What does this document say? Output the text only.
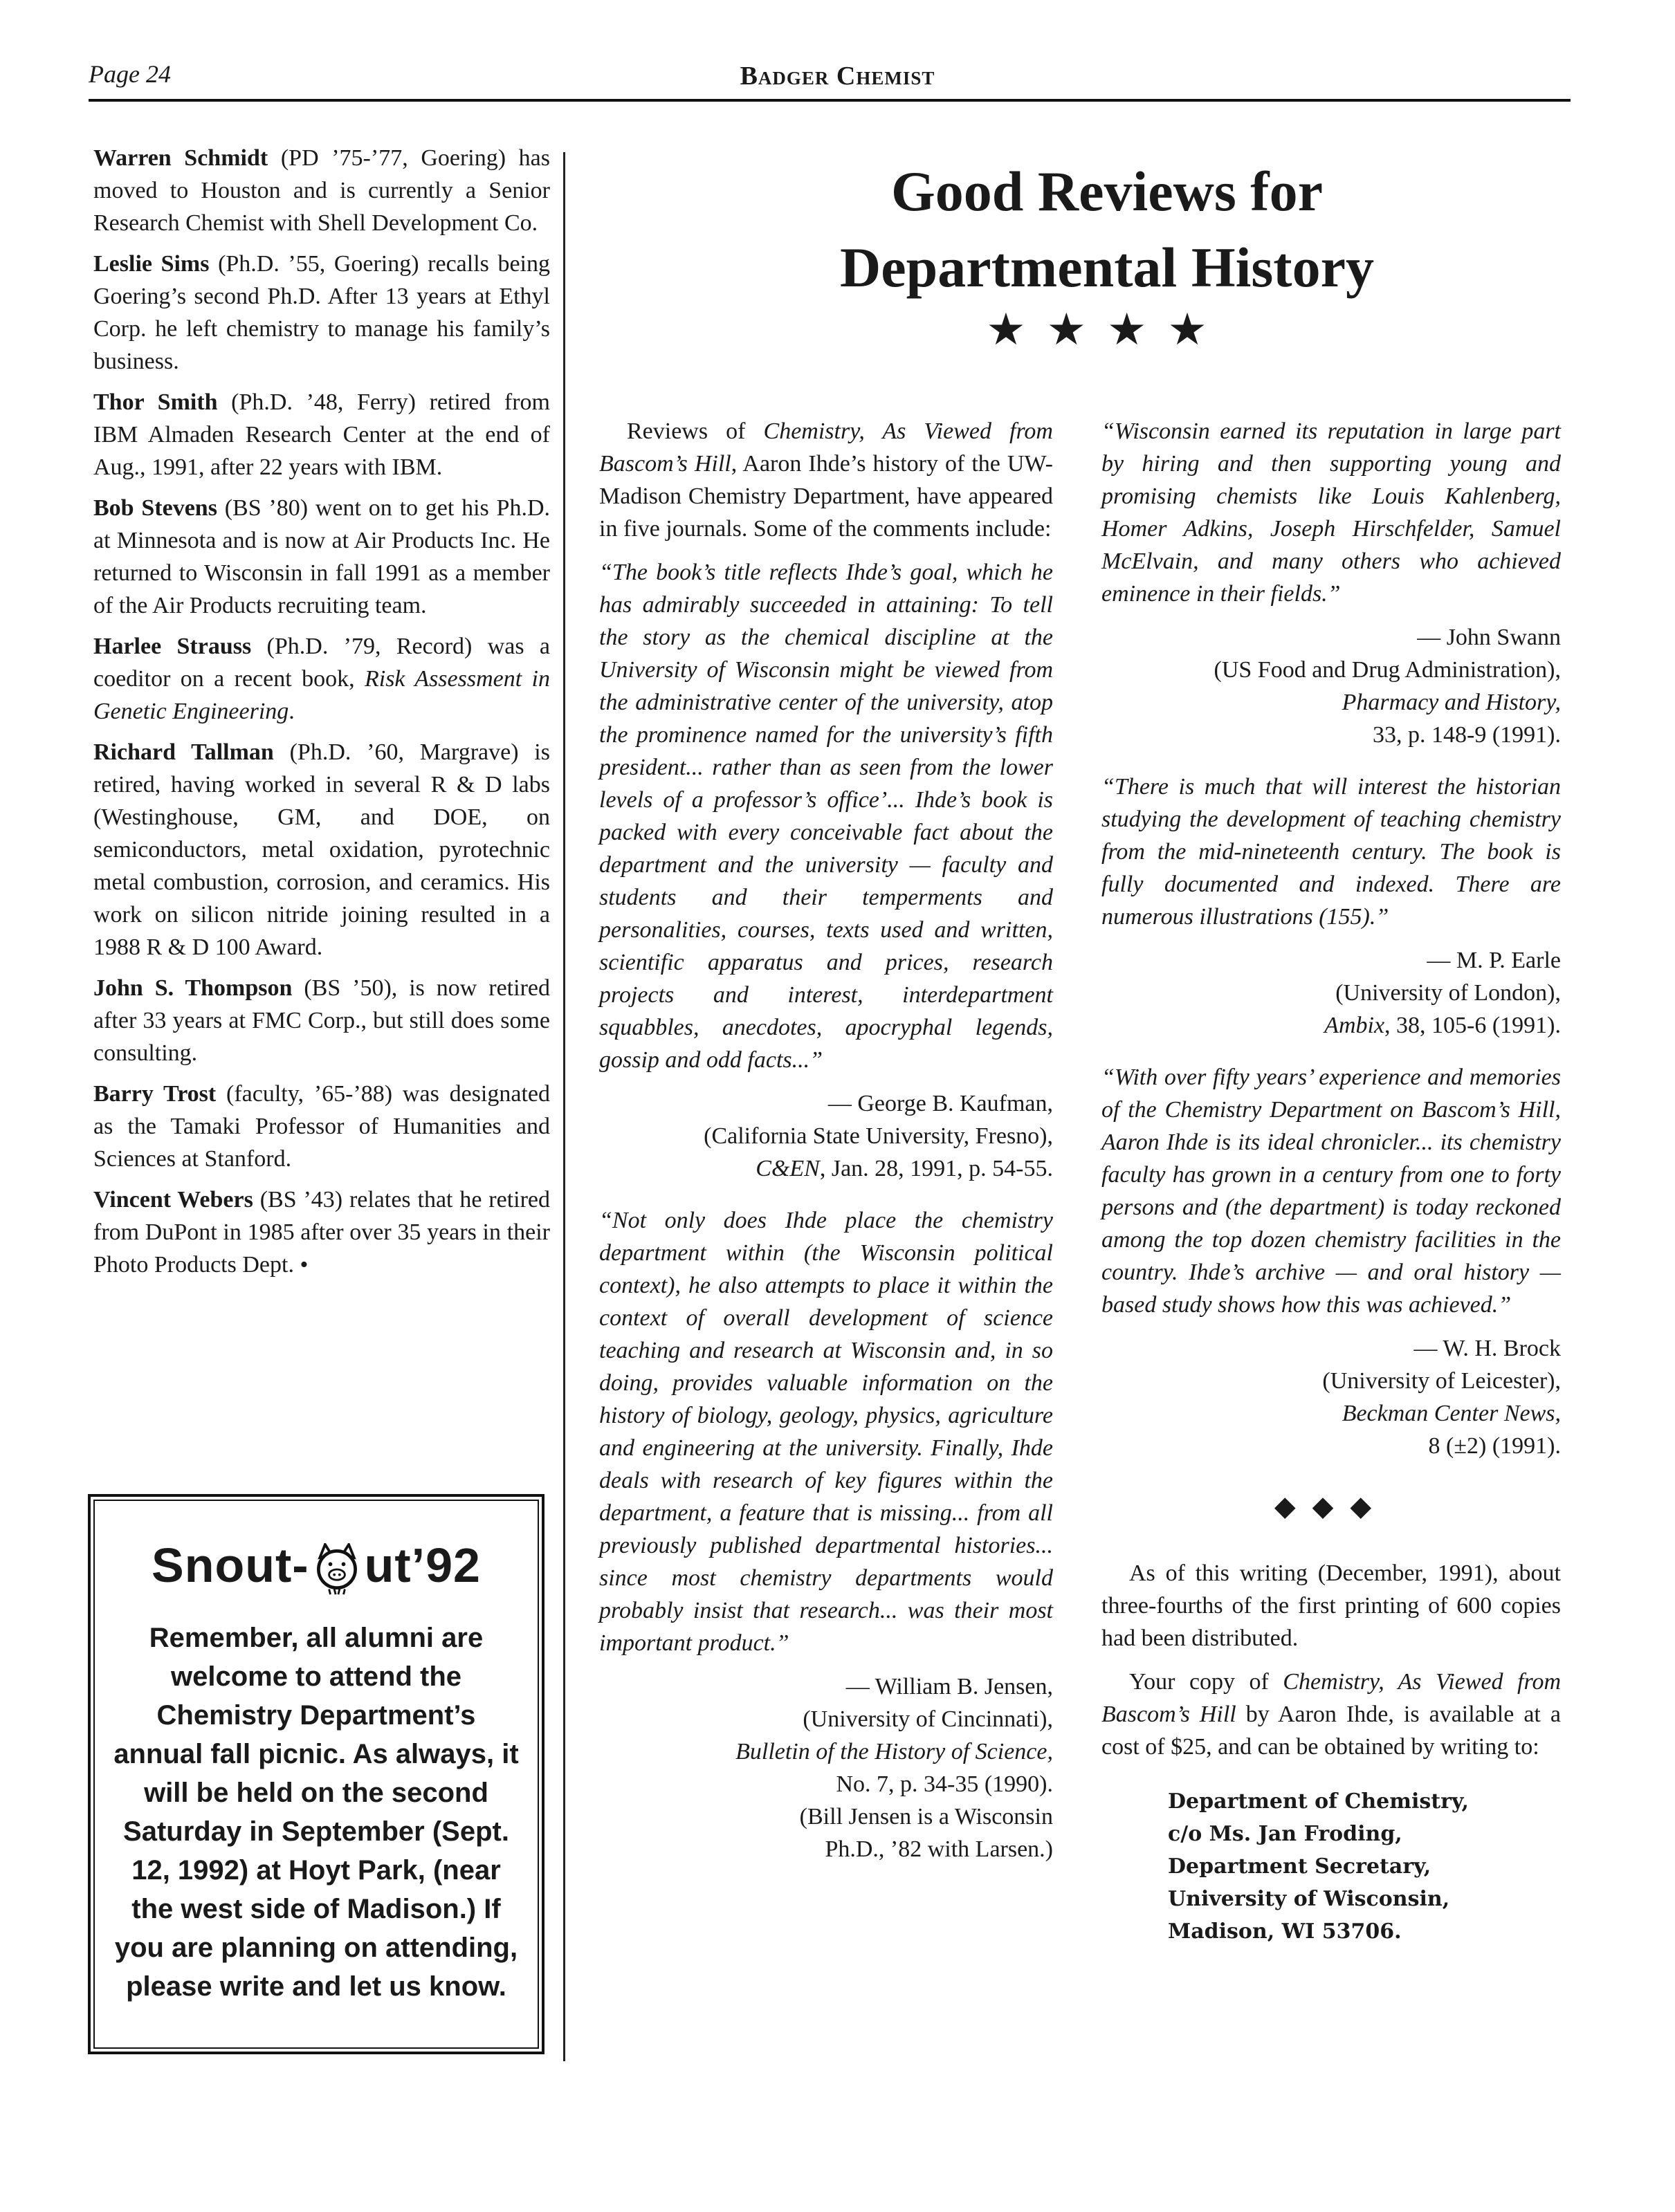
Page 24	Badger Chemist

Warren Schmidt (PD ’75-’77, Goering) has moved to Houston and is currently a Senior Research Chemist with Shell Development Co.

Leslie Sims (Ph.D. ’55, Goering) recalls being Goering’s second Ph.D. After 13 years at Ethyl Corp. he left chemistry to manage his family’s business.

Thor Smith (Ph.D. ’48, Ferry) retired from IBM Almaden Research Center at the end of Aug., 1991, after 22 years with IBM.

Bob Stevens (BS ’80) went on to get his Ph.D. at Minnesota and is now at Air Products Inc. He returned to Wisconsin in fall 1991 as a member of the Air Products recruiting team.

Harlee Strauss (Ph.D. ’79, Record) was a coeditor on a recent book, Risk Assessment in Genetic Engineering.

Richard Tallman (Ph.D. ’60, Margrave) is retired, having worked in several R & D labs (Westinghouse, GM, and DOE, on semiconductors, metal oxidation, pyrotechnic metal combustion, corrosion, and ceramics. His work on silicon nitride joining resulted in a 1988 R & D 100 Award.

John S. Thompson (BS ’50), is now retired after 33 years at FMC Corp., but still does some consulting.

Barry Trost (faculty, ’65-’88) was designated as the Tamaki Professor of Humanities and Sciences at Stanford.

Vincent Webers (BS ’43) relates that he retired from DuPont in 1985 after over 35 years in their Photo Products Dept. •

Snout- ut’92
Remember, all alumni are welcome to attend the Chemistry Department’s annual fall picnic. As always, it will be held on the second Saturday in September (Sept. 12, 1992) at Hoyt Park, (near the west side of Madison.) If you are planning on attending, please write and let us know.
Good Reviews for
Departmental History
★★★★

Reviews of Chemistry, As Viewed from Bascom’s Hill, Aaron Ihde’s history of the UW-Madison Chemistry Department, have appeared in five journals. Some of the comments include:

“The book’s title reflects Ihde’s goal, which he has admirably succeeded in attaining: To tell the story as the chemical discipline at the University of Wisconsin might be viewed from the administrative center of the university, atop the prominence named for the university’s fifth president... rather than as seen from the lower levels of a professor’s office’... Ihde’s book is packed with every conceivable fact about the department and the university — faculty and students and their temperments and personalities, courses, texts used and written, scientific apparatus and prices, research projects and interest, interdepartment squabbles, anecdotes, apocryphal legends, gossip and odd facts...”

— George B. Kaufman,
(California State University, Fresno),
C&EN, Jan. 28, 1991, p. 54-55.

“Not only does Ihde place the chemistry department within (the Wisconsin political context), he also attempts to place it within the context of overall development of science teaching and research at Wisconsin and, in so doing, provides valuable information on the history of biology, geology, physics, agriculture and engineering at the university. Finally, Ihde deals with research of key figures within the department, a feature that is missing... from all previously published departmental histories... since most chemistry departments would probably insist that research... was their most important product.”

— William B. Jensen,
(University of Cincinnati),
Bulletin of the History of Science,
No. 7, p. 34-35 (1990).
(Bill Jensen is a Wisconsin
Ph.D., ’82 with Larsen.)

“Wisconsin earned its reputation in large part by hiring and then supporting young and promising chemists like Louis Kahlenberg, Homer Adkins, Joseph Hirschfelder, Samuel McElvain, and many others who achieved eminence in their fields.”

— John Swann
(US Food and Drug Administration),
Pharmacy and History,
33, p. 148-9 (1991).

“There is much that will interest the historian studying the development of teaching chemistry from the mid-nineteenth century. The book is fully documented and indexed. There are numerous illustrations (155).”

— M. P. Earle
(University of London),
Ambix, 38, 105-6 (1991).

“With over fifty years’ experience and memories of the Chemistry Department on Bascom’s Hill, Aaron Ihde is its ideal chronicler... its chemistry faculty has grown in a century from one to forty persons and (the department) is today reckoned among the top dozen chemistry facilities in the country. Ihde’s archive — and oral history — based study shows how this was achieved.”

— W. H. Brock
(University of Leicester),
Beckman Center News,
8 (±2) (1991).
◆◆◆

As of this writing (December, 1991), about three-fourths of the first printing of 600 copies had been distributed.

Your copy of Chemistry, As Viewed from Bascom’s Hill by Aaron Ihde, is available at a cost of $25, and can be obtained by writing to:

Department of Chemistry,
c/o Ms. Jan Froding,
Department Secretary,
University of Wisconsin,
Madison, WI 53706.
